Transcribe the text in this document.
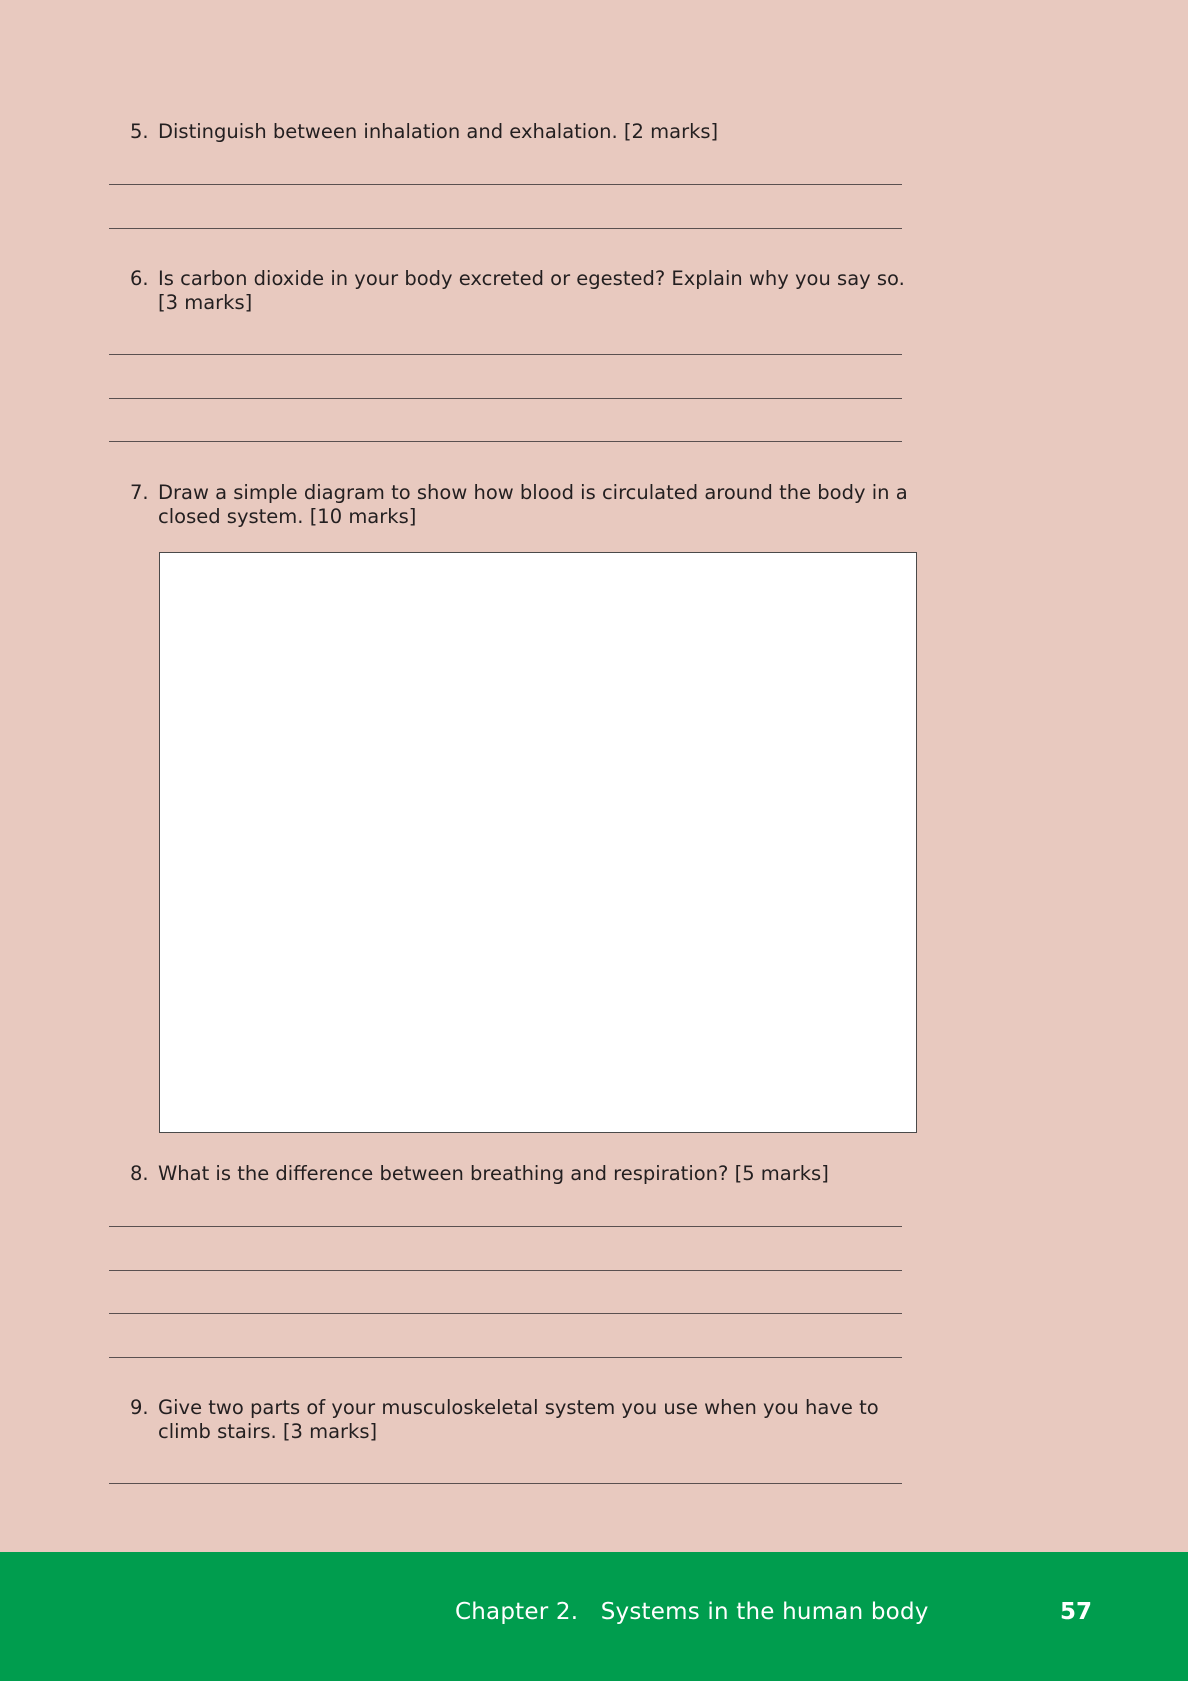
5. Distinguish between inhalation and exhalation. [2 marks]
6. Is carbon dioxide in your body excreted or egested? Explain why you say so. [3 marks]
7. Draw a simple diagram to show how blood is circulated around the body in a closed system. [10 marks]
8. What is the difference between breathing and respiration? [5 marks]
9. Give two parts of your musculoskeletal system you use when you have to climb stairs. [3 marks]
Chapter 2.   Systems in the human body	57
